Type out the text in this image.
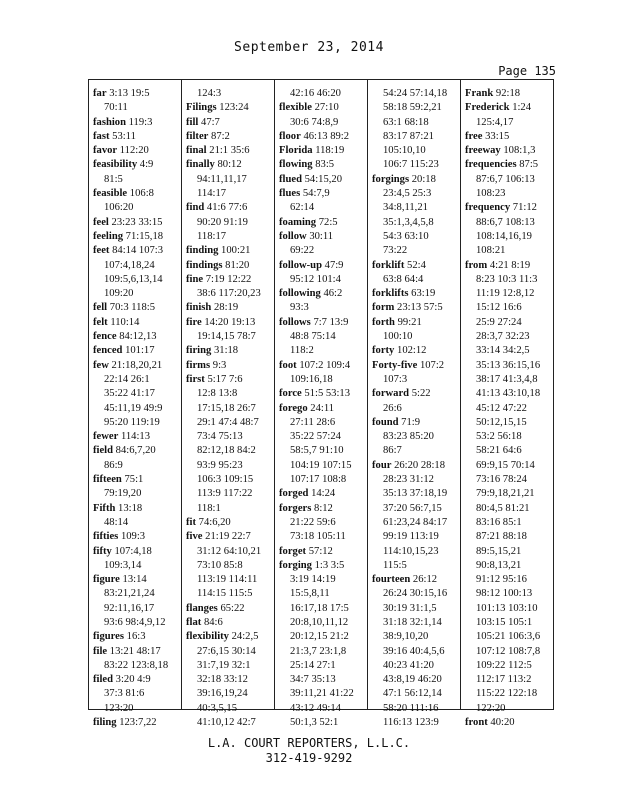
September 23, 2014
Page 135
far 3:13 19:5
70:11
fashion 119:3
fast 53:11
favor 112:20
feasibility 4:9
81:5
feasible 106:8
106:20
feel 23:23 33:15
feeling 71:15,18
feet 84:14 107:3
107:4,18,24
109:5,6,13,14
109:20
fell 70:3 118:5
felt 110:14
fence 84:12,13
fenced 101:17
few 21:18,20,21
22:14 26:1
35:22 41:17
45:11,19 49:9
95:20 119:19
fewer 114:13
field 84:6,7,20
86:9
fifteen 75:1
79:19,20
Fifth 13:18
48:14
fifties 109:3
fifty 107:4,18
109:3,14
figure 13:14
83:21,21,24
92:11,16,17
93:6 98:4,9,12
figures 16:3
file 13:21 48:17
83:22 123:8,18
filed 3:20 4:9
37:3 81:6
123:20
filing 123:7,22
124:3
Filings 123:24
fill 47:7
filter 87:2
final 21:1 35:6
finally 80:12
94:11,11,17
114:17
find 41:6 77:6
90:20 91:19
118:17
finding 100:21
findings 81:20
fine 7:19 12:22
38:6 117:20,23
finish 28:19
fire 14:20 19:13
19:14,15 78:7
firing 31:18
firms 9:3
first 5:17 7:6
12:8 13:8
17:15,18 26:7
29:1 47:4 48:7
73:4 75:13
82:12,18 84:2
93:9 95:23
106:3 109:15
113:9 117:22
118:1
fit 74:6,20
five 21:19 22:7
31:12 64:10,21
73:10 85:8
113:19 114:11
114:15 115:5
flanges 65:22
flat 84:6
flexibility 24:2,5
27:6,15 30:14
31:7,19 32:1
32:18 33:12
39:16,19,24
40:3,5,15
41:10,12 42:7
42:16 46:20
flexible 27:10
30:6 74:8,9
floor 46:13 89:2
Florida 118:19
flowing 83:5
flued 54:15,20
flues 54:7,9
62:14
foaming 72:5
follow 30:11
69:22
follow-up 47:9
95:12 101:4
following 46:2
93:3
follows 7:7 13:9
48:8 75:14
118:2
foot 107:2 109:4
109:16,18
force 51:5 53:13
forego 24:11
27:11 28:6
35:22 57:24
58:5,7 91:10
104:19 107:15
107:17 108:8
forged 14:24
forgers 8:12
21:22 59:6
73:18 105:11
forget 57:12
forging 1:3 3:5
3:19 14:19
15:5,8,11
16:17,18 17:5
20:8,10,11,12
20:12,15 21:2
21:3,7 23:1,8
25:14 27:1
34:7 35:13
39:11,21 41:22
43:12 49:14
50:1,3 52:1
54:24 57:14,18
58:18 59:2,21
63:1 68:18
83:17 87:21
105:10,10
106:7 115:23
forgings 20:18
23:4,5 25:3
34:8,11,21
35:1,3,4,5,8
54:3 63:10
73:22
forklift 52:4
63:8 64:4
forklifts 63:19
form 23:13 57:5
forth 99:21
100:10
forty 102:12
Forty-five 107:2
107:3
forward 5:22
26:6
found 71:9
83:23 85:20
86:7
four 26:20 28:18
28:23 31:12
35:13 37:18,19
37:20 56:7,15
61:23,24 84:17
99:19 113:19
114:10,15,23
115:5
fourteen 26:12
26:24 30:15,16
30:19 31:1,5
31:18 32:1,14
38:9,10,20
39:16 40:4,5,6
40:23 41:20
43:8,19 46:20
47:1 56:12,14
58:20 111:16
116:13 123:9
Frank 92:18
Frederick 1:24
125:4,17
free 33:15
freeway 108:1,3
frequencies 87:5
87:6,7 106:13
108:23
frequency 71:12
88:6,7 108:13
108:14,16,19
108:21
from 4:21 8:19
8:23 10:3 11:3
11:19 12:8,12
15:12 16:6
25:9 27:24
28:3,7 32:23
33:14 34:2,5
35:13 36:15,16
38:17 41:3,4,8
41:13 43:10,18
45:12 47:22
50:12,15,15
53:2 56:18
58:21 64:6
69:9,15 70:14
73:16 78:24
79:9,18,21,21
80:4,5 81:21
83:16 85:1
87:21 88:18
89:5,15,21
90:8,13,21
91:12 95:16
98:12 100:13
101:13 103:10
103:15 105:1
105:21 106:3,6
107:12 108:7,8
109:22 112:5
112:17 113:2
115:22 122:18
122:20
front 40:20
L.A. COURT REPORTERS, L.L.C.
312-419-9292
